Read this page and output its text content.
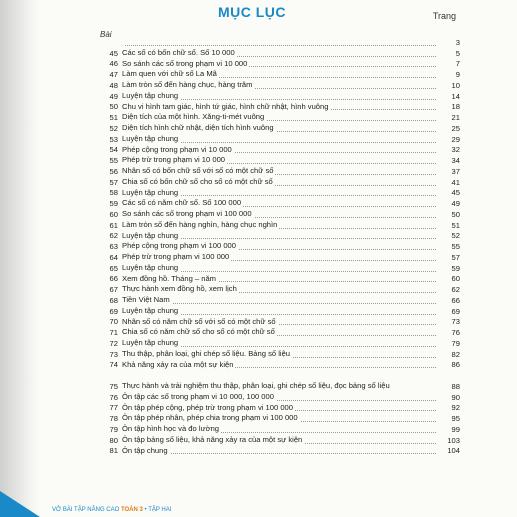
MỤC LỤC	Trang
Bài
3
45 Các số có bốn chữ số. Số 10 000	5
46 So sánh các số trong phạm vi 10 000	7
47 Làm quen với chữ số La Mã	9
48 Làm tròn số đến hàng chục, hàng trăm	10
49 Luyện tập chung	14
50 Chu vi hình tam giác, hình tứ giác, hình chữ nhật, hình vuông	18
51 Diện tích của một hình. Xăng-ti-mét vuông	21
52 Diện tích hình chữ nhật, diện tích hình vuông	25
53 Luyện tập chung	29
54 Phép cộng trong phạm vi 10 000	32
55 Phép trừ trong phạm vi 10 000	34
56 Nhân số có bốn chữ số với số có một chữ số	37
57 Chia số có bốn chữ số cho số có một chữ số	41
58 Luyện tập chung	45
59 Các số có năm chữ số. Số 100 000	49
60 So sánh các số trong phạm vi 100 000	50
61 Làm tròn số đến hàng nghìn, hàng chục nghìn	51
62 Luyện tập chung	52
63 Phép cộng trong phạm vi 100 000	55
64 Phép trừ trong phạm vi 100 000	57
65 Luyện tập chung	59
66 Xem đồng hồ. Tháng – năm	60
67 Thực hành xem đồng hồ, xem lịch	62
68 Tiền Việt Nam	66
69 Luyện tập chung	69
70 Nhân số có năm chữ số với số có một chữ số	73
71 Chia số có năm chữ số cho số có một chữ số	76
72 Luyện tập chung	79
73 Thu thập, phân loại, ghi chép số liệu. Bảng số liệu	82
74 Khả năng xảy ra của một sự kiện	86
75 Thực hành và trải nghiệm thu thập, phân loại, ghi chép số liệu, đọc bảng số liệu	88
76 Ôn tập các số trong phạm vi 10 000, 100 000	90
77 Ôn tập phép cộng, phép trừ trong phạm vi 100 000	92
78 Ôn tập phép nhân, phép chia trong phạm vi 100 000	95
79 Ôn tập hình học và đo lường	99
80 Ôn tập bảng số liệu, khả năng xảy ra của một sự kiện	103
81 Ôn tập chung	104
VỞ BÀI TẬP NÂNG CAO TOÁN 3 • TẬP HAI
